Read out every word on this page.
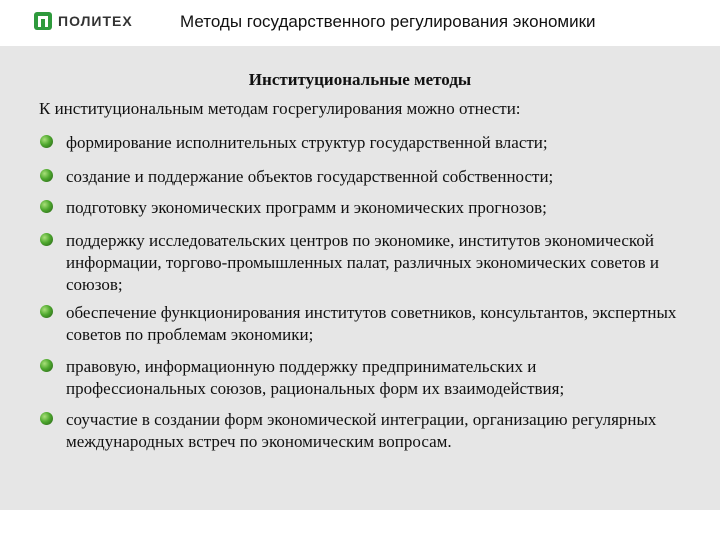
ПОЛИТЕХ	Методы государственного регулирования экономики
Институциональные методы
К институциональным методам госрегулирования можно отнести:
формирование исполнительных структур государственной власти;
создание и поддержание объектов государственной собственности;
подготовку экономических программ и экономических прогнозов;
поддержку исследовательских центров по экономике, институтов экономической информации, торгово-промышленных палат, различных экономических советов и союзов;
обеспечение функционирования институтов советников, консультантов, экспертных советов по проблемам экономики;
правовую, информационную поддержку предпринимательских и профессиональных союзов, рациональных форм их взаимодействия;
соучастие в создании форм экономической интеграции, организацию регулярных международных встреч по экономическим вопросам.
